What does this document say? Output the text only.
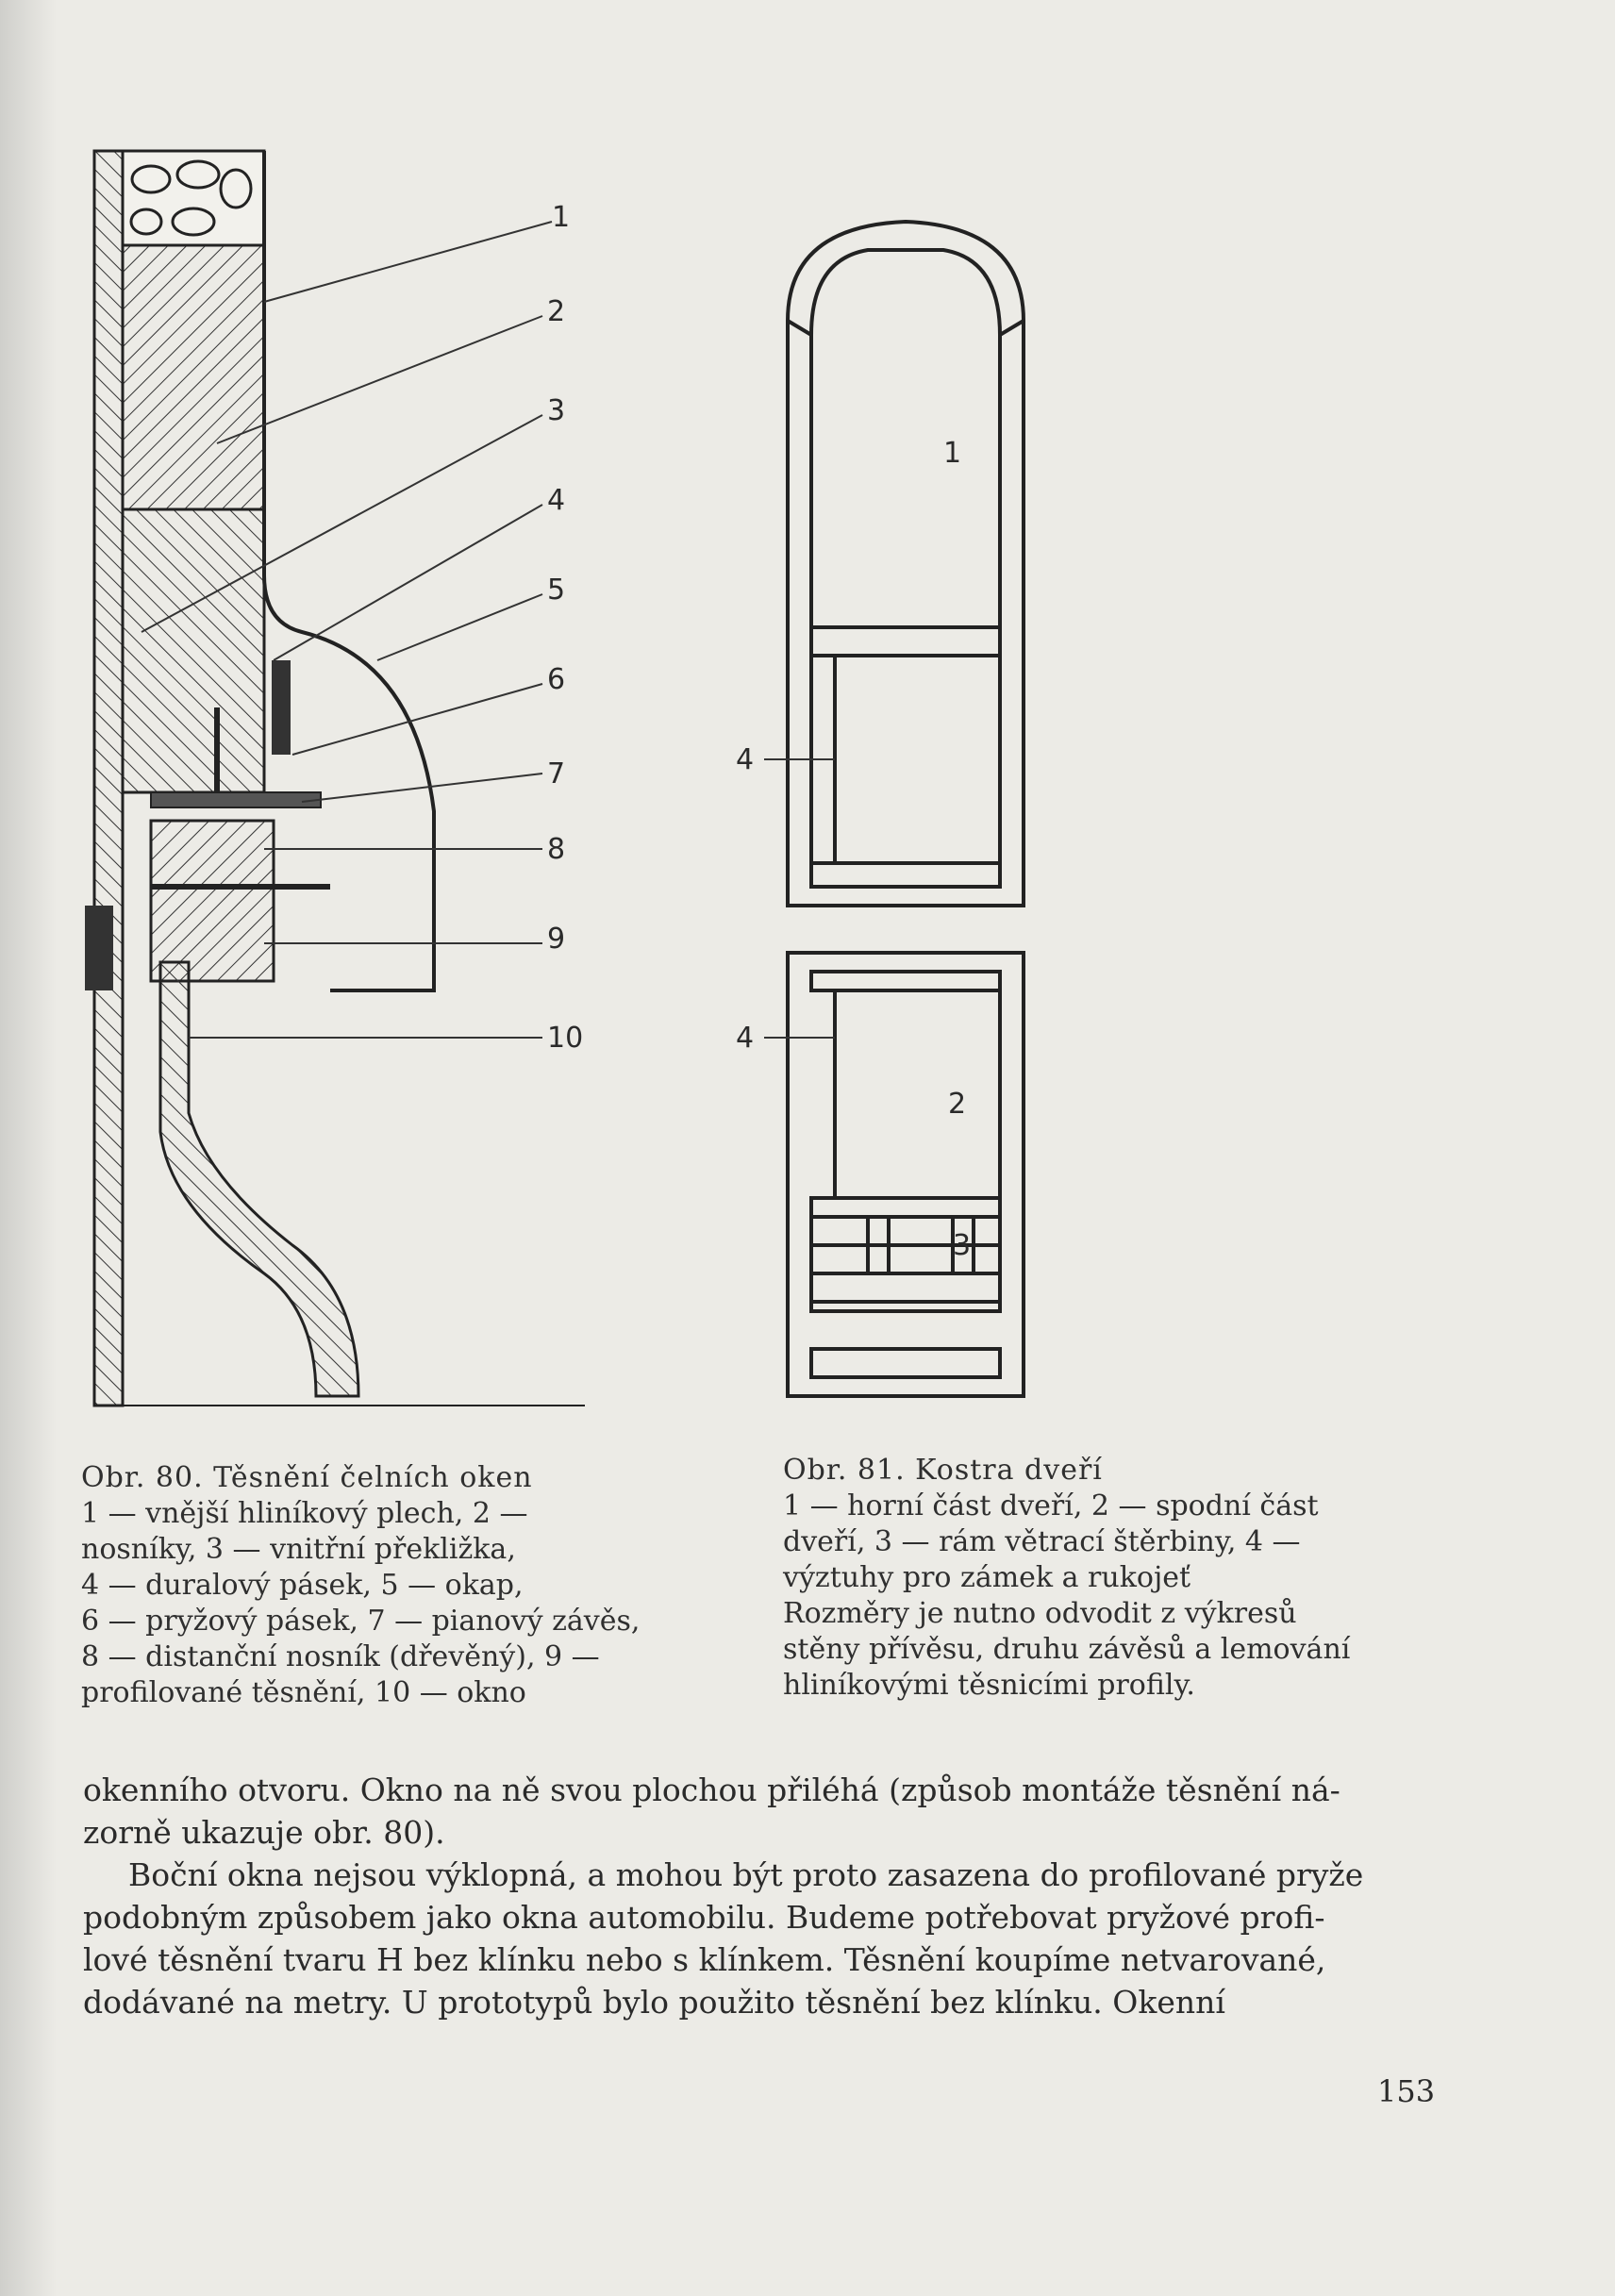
1
2
3
4
5
6
7
8
9
10
1
2
3
4
4
Obr. 80. Těsnění čelních oken
1 — vnější hliníkový plech, 2 —
nosníky, 3 — vnitřní překližka,
4 — duralový pásek, 5 — okap,
6 — pryžový pásek, 7 — pianový závěs,
8 — distanční nosník (dřevěný), 9 —
profilované těsnění, 10 — okno
Obr. 81. Kostra dveří
1 — horní část dveří, 2 — spodní část
dveří, 3 — rám větrací štěrbiny, 4 —
výztuhy pro zámek a rukojeť
Rozměry je nutno odvodit z výkresů
stěny přívěsu, druhu závěsů a lemování
hliníkovými těsnicími profily.

okenního otvoru. Okno na ně svou plochou přiléhá (způsob montáže těsnění ná-
zorně ukazuje obr. 80).

Boční okna nejsou výklopná, a mohou být proto zasazena do profilované pryže
podobným způsobem jako okna automobilu. Budeme potřebovat pryžové profi-
lové těsnění tvaru H bez klínku nebo s klínkem. Těsnění koupíme netvarované,
dodávané na metry. U prototypů bylo použito těsnění bez klínku. Okenní

153
